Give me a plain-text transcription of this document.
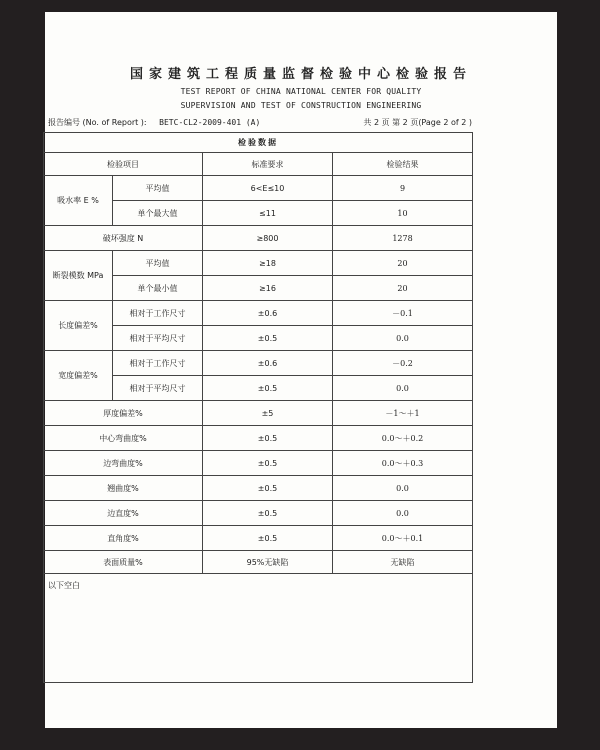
国家建筑工程质量监督检验中心检验报告
TEST REPORT OF CHINA NATIONAL CENTER FOR QUALITY
SUPERVISION AND TEST OF CONSTRUCTION ENGINEERING
报告编号 (No. of Report ): BETC-CL2-2009-401 (A)	共 2 页 第 2 页(Page 2 of 2 )
检验数据			
检验项目		标准要求	检验结果
吸水率 E %	平均值	6<E≤10	9
	单个最大值	≤11	10
破坏强度 N		≥800	1278
断裂模数 MPa	平均值	≥18	20
	单个最小值	≥16	20
长度偏差%	相对于工作尺寸	±0.6	－0.1
	相对于平均尺寸	±0.5	0.0
宽度偏差%	相对于工作尺寸	±0.6	－0.2
	相对于平均尺寸	±0.5	0.0
厚度偏差%		±5	－1～＋1
中心弯曲度%		±0.5	0.0～＋0.2
边弯曲度%		±0.5	0.0～＋0.3
翘曲度%		±0.5	0.0
边直度%		±0.5	0.0
直角度%		±0.5	0.0～＋0.1
表面质量%		95%无缺陷	无缺陷
以下空白			
